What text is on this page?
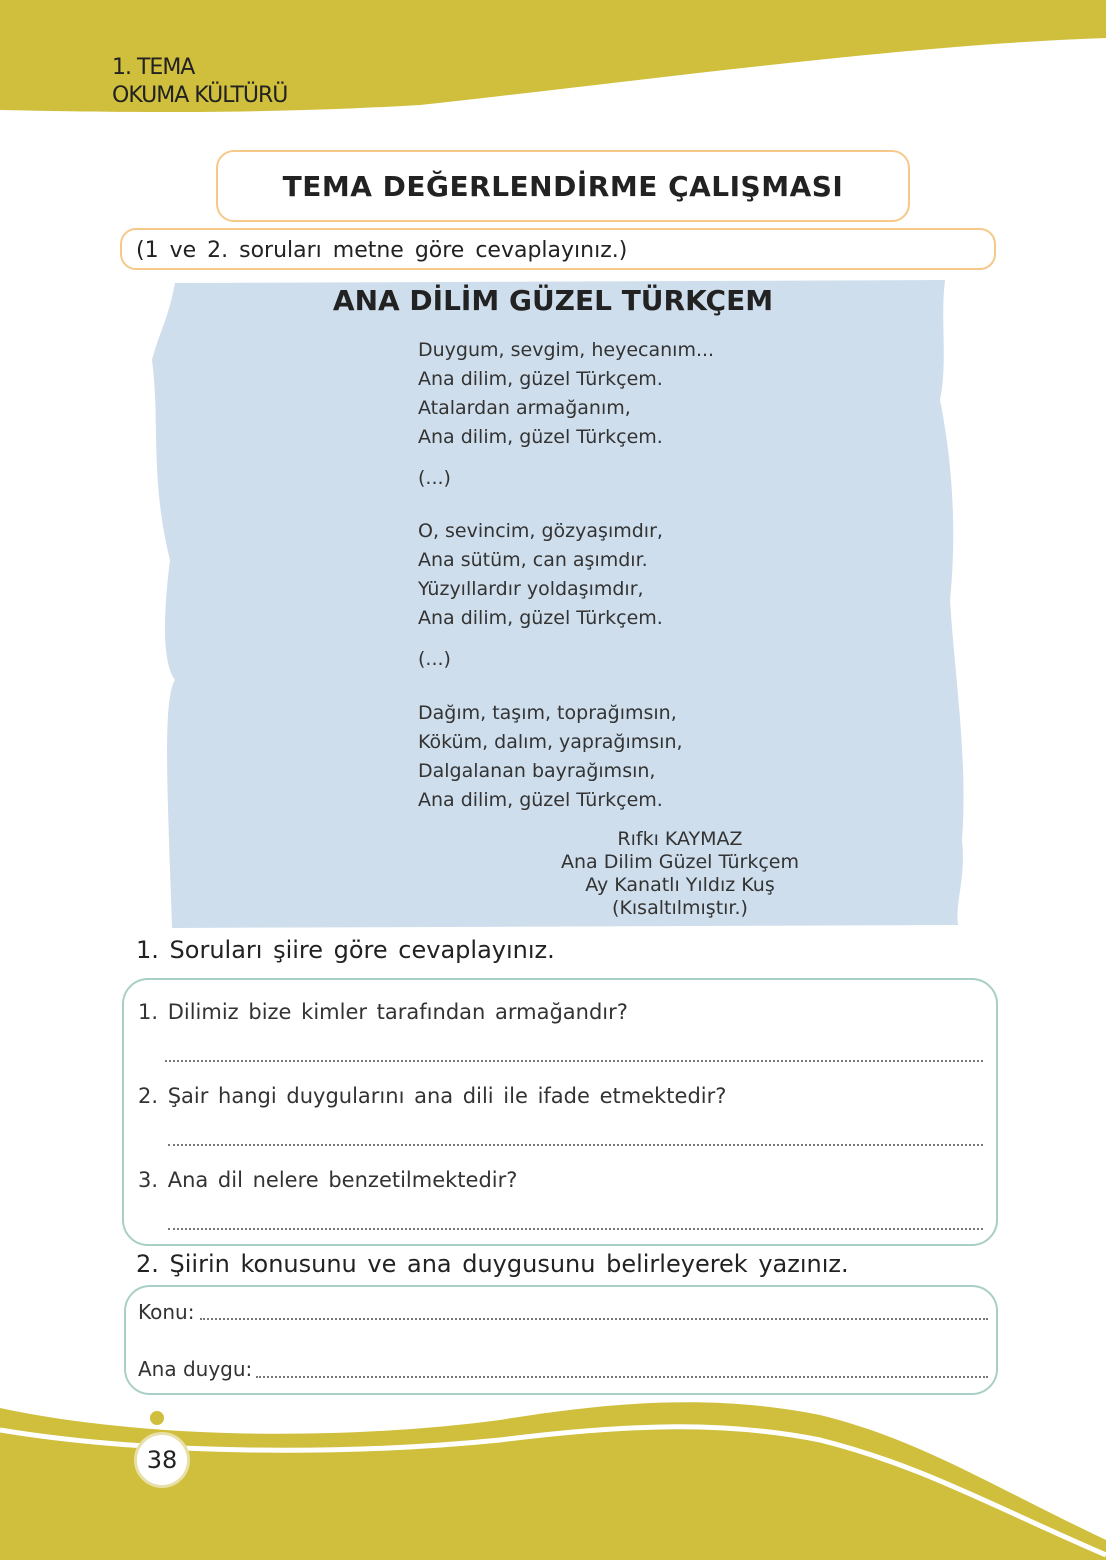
1. TEMA
OKUMA KÜLTÜRÜ
TEMA DEĞERLENDİRME ÇALIŞMASI
(1 ve 2. soruları metne göre cevaplayınız.)
ANA DİLİM GÜZEL TÜRKÇEM
Duygum, sevgim, heyecanım...
Ana dilim, güzel Türkçem.
Atalardan armağanım,
Ana dilim, güzel Türkçem.
(...)
O, sevincim, gözyaşımdır,
Ana sütüm, can aşımdır.
Yüzyıllardır yoldaşımdır,
Ana dilim, güzel Türkçem.
(...)
Dağım, taşım, toprağımsın,
Köküm, dalım, yaprağımsın,
Dalgalanan bayrağımsın,
Ana dilim, güzel Türkçem.
Rıfkı KAYMAZ
Ana Dilim Güzel Türkçem
Ay Kanatlı Yıldız Kuş
(Kısaltılmıştır.)
1. Soruları şiire göre cevaplayınız.
1. Dilimiz bize kimler tarafından armağandır?
2. Şair hangi duygularını ana dili ile ifade etmektedir?
3. Ana dil nelere benzetilmektedir?
2. Şiirin konusunu ve ana duygusunu belirleyerek yazınız.
Konu:
Ana duygu:
38
